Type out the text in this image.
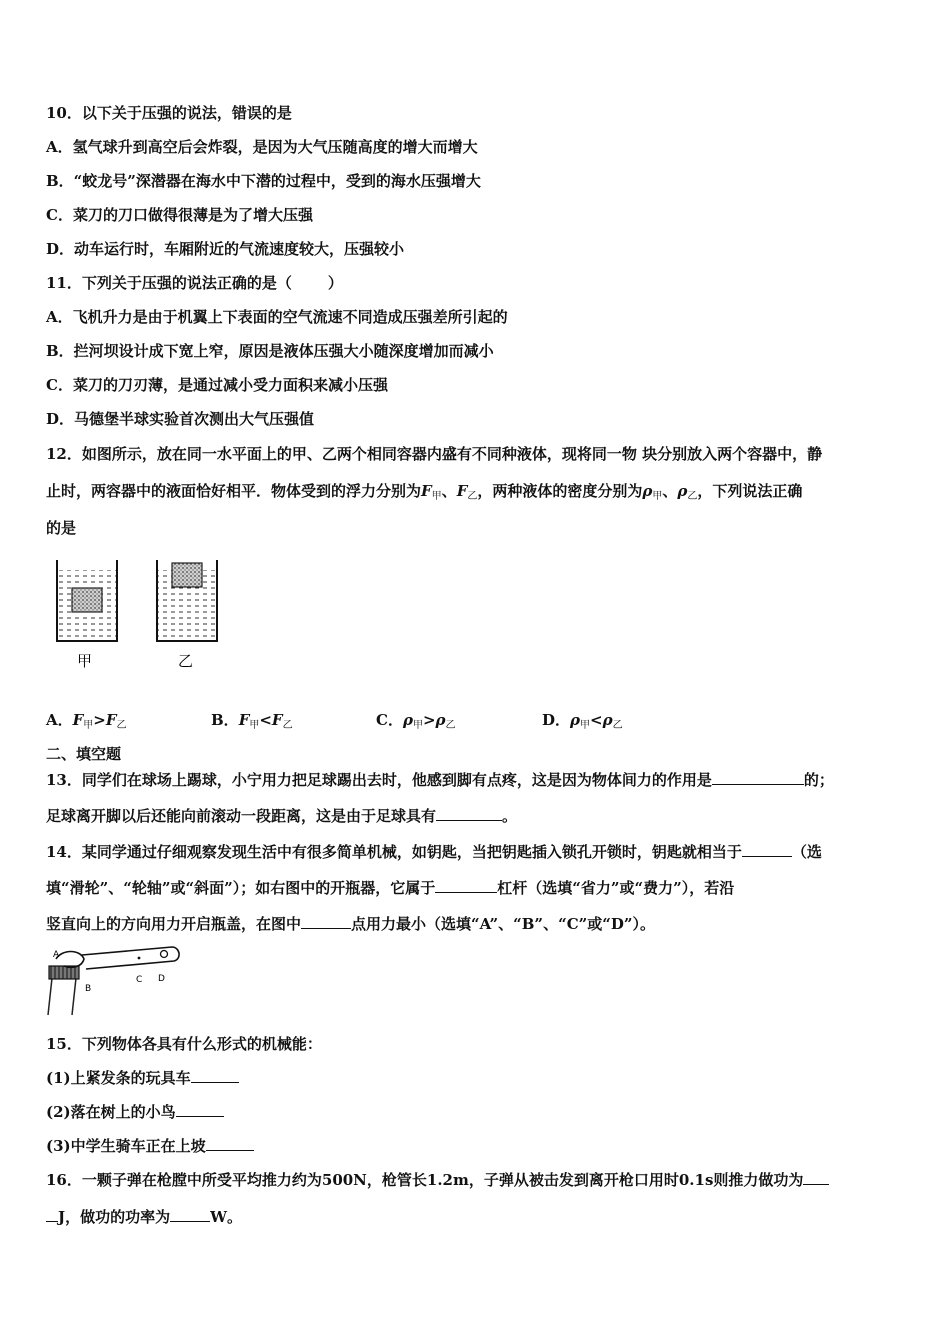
10．以下关于压强的说法，错误的是
A．氢气球升到高空后会炸裂，是因为大气压随高度的增大而增大
B．“蛟龙号”深潜器在海水中下潜的过程中，受到的海水压强增大
C．菜刀的刀口做得很薄是为了增大压强
D．动车运行时，车厢附近的气流速度较大，压强较小
11．下列关于压强的说法正确的是（ ）
A．飞机升力是由于机翼上下表面的空气流速不同造成压强差所引起的
B．拦河坝设计成下宽上窄，原因是液体压强大小随深度增加而减小
C．菜刀的刀刃薄，是通过减小受力面积来减小压强
D．马德堡半球实验首次测出大气压强值
12．如图所示，放在同一水平面上的甲、乙两个相同容器内盛有不同种液体，现将同一物 块分别放入两个容器中，静
止时，两容器中的液面恰好相平．物体受到的浮力分别为$F_甲$、$F_乙$，两种液体的密度分别为$\rho_甲$、$\rho_乙$，下列说法正确
的是
甲	乙
A．$F_甲>F_乙$	B．$F_甲<F_乙$	C．$\rho_甲>\rho_乙$	D．$\rho_甲<\rho_乙$
二、填空题
13．同学们在球场上踢球，小宁用力把足球踢出去时，他感到脚有点疼，这是因为物体间力的作用是	的；
足球离开脚以后还能向前滚动一段距离，这是由于足球具有	。
14．某同学通过仔细观察发现生活中有很多简单机械，如钥匙，当把钥匙插入锁孔开锁时，钥匙就相当于	（选
填“滑轮”、“轮轴”或“斜面”）；如右图中的开瓶器，它属于	杠杆（选填“省力”或“费力”），若沿
竖直向上的方向用力开启瓶盖，在图中	点用力最小（选填“A”、“B”、“C”或“D”）。
A
B
C D
15．下列物体各具有什么形式的机械能：
(1)上紧发条的玩具车
(2)落在树上的小鸟
(3)中学生骑车正在上坡
16．一颗子弹在枪膛中所受平均推力约为500N，枪管长1.2m，子弹从被击发到离开枪口用时0.1s则推力做功为
J，做功的功率为	W。
